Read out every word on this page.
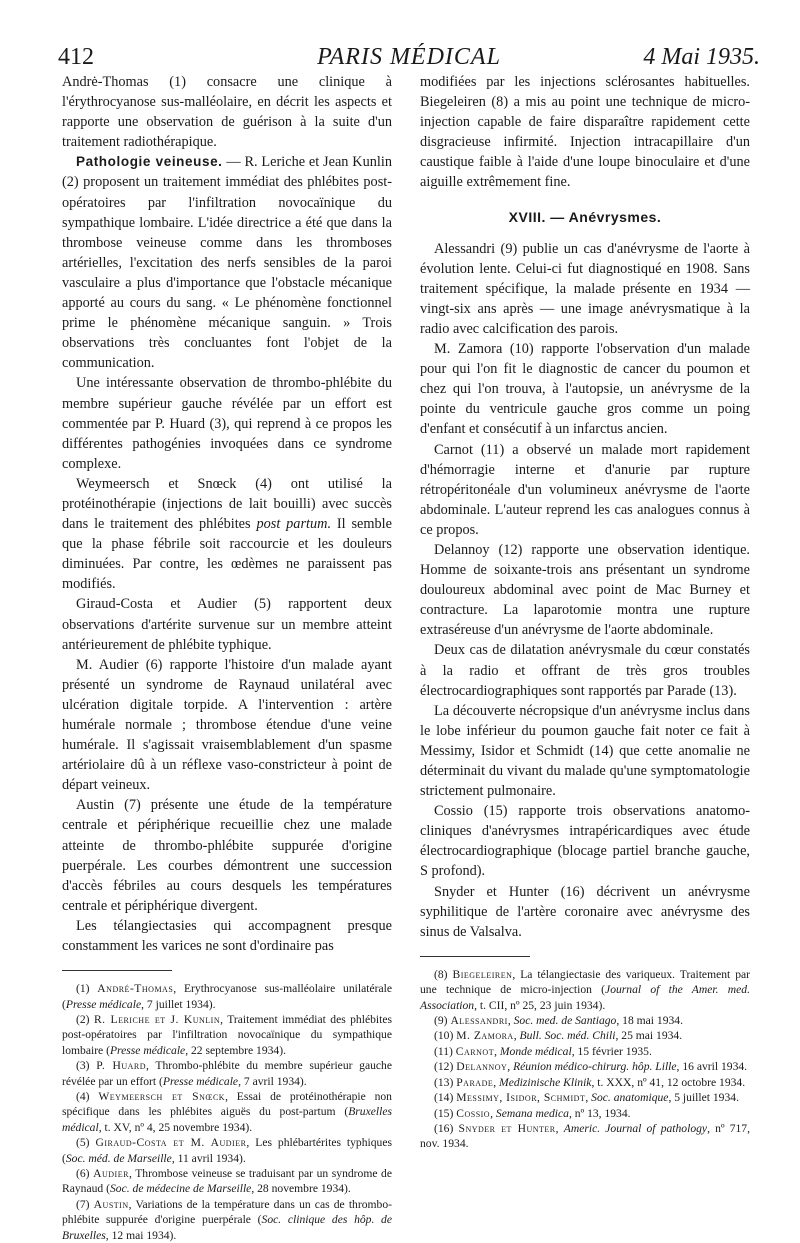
412	PARIS MÉDICAL	4 Mai 1935.

Andrė-Thomas (1) consacre une clinique à l'érythrocyanose sus-malléolaire, en décrit les aspects et rapporte une observation de guérison à la suite d'un traitement radiothérapique.

Pathologie veineuse. — R. Leriche et Jean Kunlin (2) proposent un traitement immédiat des phlébites post-opératoires par l'infiltration novocaïnique du sympathique lombaire. L'idée directrice a été que dans la thrombose veineuse comme dans les thromboses artérielles, l'excitation des nerfs sensibles de la paroi vasculaire a plus d'importance que l'obstacle mécanique apporté au cours du sang. « Le phénomène fonctionnel prime le phénomène mécanique sanguin. » Trois observations très concluantes font l'objet de la communication.

Une intéressante observation de thrombo-phlébite du membre supérieur gauche révélée par un effort est commentée par P. Huard (3), qui reprend à ce propos les différentes pathogénies invoquées dans ce syndrome complexe.

Weymeersch et Snœck (4) ont utilisé la protéinothérapie (injections de lait bouilli) avec succès dans le traitement des phlébites post partum. Il semble que la phase fébrile soit raccourcie et les douleurs diminuées. Par contre, les œdèmes ne paraissent pas modifiés.

Giraud-Costa et Audier (5) rapportent deux observations d'artérite survenue sur un membre atteint antérieurement de phlébite typhique.

M. Audier (6) rapporte l'histoire d'un malade ayant présenté un syndrome de Raynaud unilatéral avec ulcération digitale torpide. A l'intervention : artère humérale normale ; thrombose étendue d'une veine humérale. Il s'agissait vraisemblablement d'un spasme artériolaire dû à un réflexe vaso-constricteur à point de départ veineux.

Austin (7) présente une étude de la température centrale et périphérique recueillie chez une malade atteinte de thrombo-phlébite suppurée d'origine puerpérale. Les courbes démontrent une succession d'accès fébriles au cours desquels les températures centrale et périphérique divergent.

Les télangiectasies qui accompagnent presque constamment les varices ne sont d'ordinaire pas

(1) André-Thomas, Erythrocyanose sus-malléolaire unilatérale (Presse médicale, 7 juillet 1934).

(2) R. Leriche et J. Kunlin, Traitement immédiat des phlébites post-opératoires par l'infiltration novocaïnique du sympathique lombaire (Presse médicale, 22 septembre 1934).

(3) P. Huard, Thrombo-phlébite du membre supérieur gauche révélée par un effort (Presse médicale, 7 avril 1934).

(4) Weymeersch et Snœck, Essai de protéinothérapie non spécifique dans les phlébites aiguës du post-partum (Bruxelles médical, t. XV, nº 4, 25 novembre 1934).

(5) Giraud-Costa et M. Audier, Les phlébartérites typhiques (Soc. méd. de Marseille, 11 avril 1934).

(6) Audier, Thrombose veineuse se traduisant par un syndrome de Raynaud (Soc. de médecine de Marseille, 28 novembre 1934).

(7) Austin, Variations de la température dans un cas de thrombo-phlébite suppurée d'origine puerpérale (Soc. clinique des hôp. de Bruxelles, 12 mai 1934).

modifiées par les injections sclérosantes habituelles. Biegeleiren (8) a mis au point une technique de micro-injection capable de faire disparaître rapidement cette disgracieuse infirmité. Injection intracapillaire d'un caustique faible à l'aide d'une loupe binoculaire et d'une aiguille extrêmement fine.

XVIII. — Anévrysmes.

Alessandri (9) publie un cas d'anévrysme de l'aorte à évolution lente. Celui-ci fut diagnostiqué en 1908. Sans traitement spécifique, la malade présente en 1934 — vingt-six ans après — une image anévrysmatique à la radio avec calcification des parois.

M. Zamora (10) rapporte l'observation d'un malade pour qui l'on fit le diagnostic de cancer du poumon et chez qui l'on trouva, à l'autopsie, un anévrysme de la pointe du ventricule gauche gros comme un poing d'enfant et consécutif à un infarctus ancien.

Carnot (11) a observé un malade mort rapidement d'hémorragie interne et d'anurie par rupture rétropéritonéale d'un volumineux anévrysme de l'aorte abdominale. L'auteur reprend les cas analogues connus à ce propos.

Delannoy (12) rapporte une observation identique. Homme de soixante-trois ans présentant un syndrome douloureux abdominal avec point de Mac Burney et contracture. La laparotomie montra une rupture extraséreuse d'un anévrysme de l'aorte abdominale.

Deux cas de dilatation anévrysmale du cœur constatés à la radio et offrant de très gros troubles électrocardiographiques sont rapportés par Parade (13).

La découverte nécropsique d'un anévrysme inclus dans le lobe inférieur du poumon gauche fait noter ce fait à Messimy, Isidor et Schmidt (14) que cette anomalie ne déterminait du vivant du malade qu'une symptomatologie strictement pulmonaire.

Cossio (15) rapporte trois observations anatomo-cliniques d'anévrysmes intrapéricardiques avec étude électrocardiographique (blocage partiel branche gauche, S profond).

Snyder et Hunter (16) décrivent un anévrysme syphilitique de l'artère coronaire avec anévrysme des sinus de Valsalva.

(8) Biegeleiren, La télangiectasie des variqueux. Traitement par une technique de micro-injection (Journal of the Amer. med. Association, t. CII, nº 25, 23 juin 1934).

(9) Alessandri, Soc. med. de Santiago, 18 mai 1934.

(10) M. Zamora, Bull. Soc. méd. Chili, 25 mai 1934.

(11) Carnot, Monde médical, 15 février 1935.

(12) Delannoy, Réunion médico-chirurg. hôp. Lille, 16 avril 1934.

(13) Parade, Medizinische Klinik, t. XXX, nº 41, 12 octobre 1934.

(14) Messimy, Isidor, Schmidt, Soc. anatomique, 5 juillet 1934.

(15) Cossio, Semana medica, nº 13, 1934.

(16) Snyder et Hunter, Americ. Journal of pathology, nº 717, nov. 1934.
